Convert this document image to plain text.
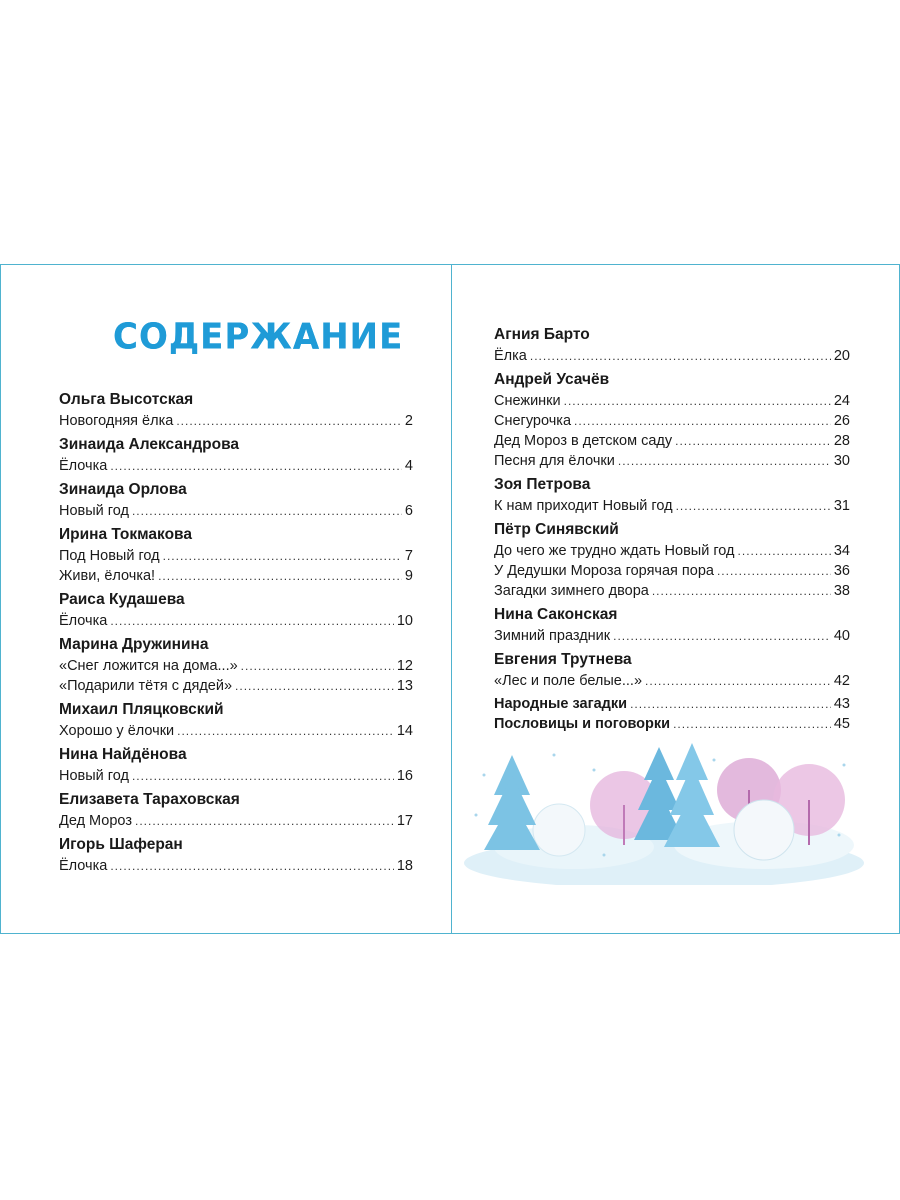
СОДЕРЖАНИЕ
Ольга Высотская
Новогодняя ёлка .....	2
Зинаида Александрова
Ёлочка .....	4
Зинаида Орлова
Новый год .....	6
Ирина Токмакова
Под Новый год .....	7
Живи, ёлочка! .....	9
Раиса Кудашева
Ёлочка .....	10
Марина Дружинина
«Снег ложится на дома...» .....	12
«Подарили тётя с дядей» .....	13
Михаил Пляцковский
Хорошо у ёлочки .....	14
Нина Найдёнова
Новый год .....	16
Елизавета Тараховская
Дед Мороз .....	17
Игорь Шаферан
Ёлочка .....	18
Агния Барто
Ёлка .....	20
Андрей Усачёв
Снежинки .....	24
Снегурочка .....	26
Дед Мороз в детском саду .....	28
Песня для ёлочки .....	30
Зоя Петрова
К нам приходит Новый год .....	31
Пётр Синявский
До чего же трудно ждать Новый год .....	34
У Дедушки Мороза горячая пора .....	36
Загадки зимнего двора .....	38
Нина Саконская
Зимний праздник .....	40
Евгения Трутнева
«Лес и поле белые...» .....	42
Народные загадки .....	43
Пословицы и поговорки .....	45
